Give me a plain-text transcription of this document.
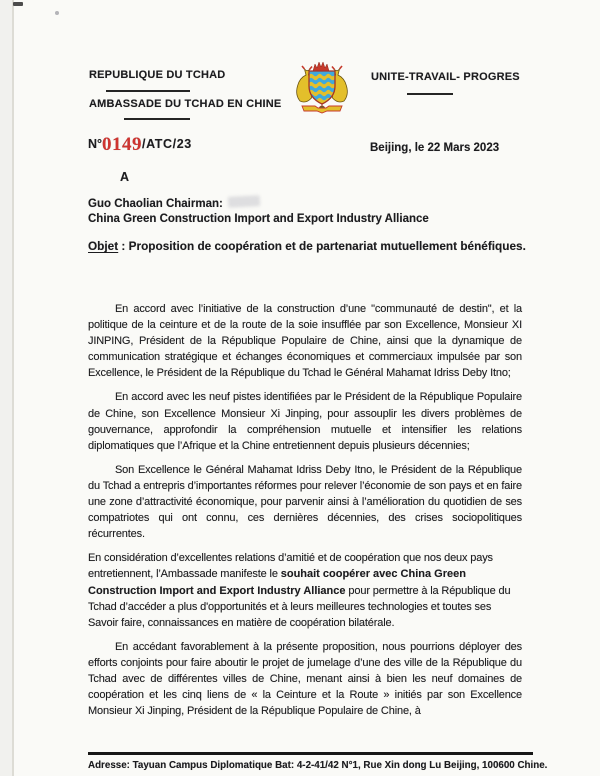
REPUBLIQUE DU TCHAD
AMBASSADE DU TCHAD EN CHINE
UNITE-TRAVAIL- PROGRES
N°0149/ATC/23	Beijing, le 22 Mars 2023
A
Guo Chaolian Chairman:
China Green Construction Import and Export Industry Alliance
Objet : Proposition de coopération et de partenariat mutuellement bénéfiques.

En accord avec l’initiative de la construction d’une "communauté de destin", et la politique de la ceinture et de la route de la soie insufflée par son Excellence, Monsieur XI JINPING, Président de la République Populaire de Chine, ainsi que la dynamique de communication stratégique et échanges économiques et commerciaux impulsée par son Excellence, le Président de la République du Tchad le Général Mahamat Idriss Deby Itno;

En accord avec les neuf pistes identifiées par le Président de la République Populaire de Chine, son Excellence Monsieur Xi Jinping, pour assouplir les divers problèmes de gouvernance, approfondir la compréhension mutuelle et intensifier les relations diplomatiques que l’Afrique et la Chine entretiennent depuis plusieurs décennies;

Son Excellence le Général Mahamat Idriss Deby Itno, le Président de la République du Tchad a entrepris d’importantes réformes pour relever l’économie de son pays et en faire une zone d’attractivité économique, pour parvenir ainsi à l’amélioration du quotidien de ses compatriotes qui ont connu, ces dernières décennies, des crises sociopolitiques récurrentes.

En considération d’excellentes relations d’amitié et de coopération que nos deux pays entretiennent, l’Ambassade manifeste le souhait coopérer avec China Green Construction Import and Export Industry Alliance pour permettre à la République du Tchad d’accéder a plus d'opportunités et à leurs meilleures technologies et toutes ses Savoir faire, connaissances en matière de coopération bilatérale.

En accédant favorablement à la présente proposition, nous pourrions déployer des efforts conjoints pour faire aboutir le projet de jumelage d’une des ville de la République du Tchad avec de différentes villes de Chine, menant ainsi à bien les neuf domaines de coopération et les cinq liens de « la Ceinture et la Route » initiés par son Excellence Monsieur Xi Jinping, Président de la République Populaire de Chine, à

Adresse: Tayuan Campus Diplomatique Bat: 4-2-41/42 N°1, Rue Xin dong Lu Beijing, 100600 Chine.
